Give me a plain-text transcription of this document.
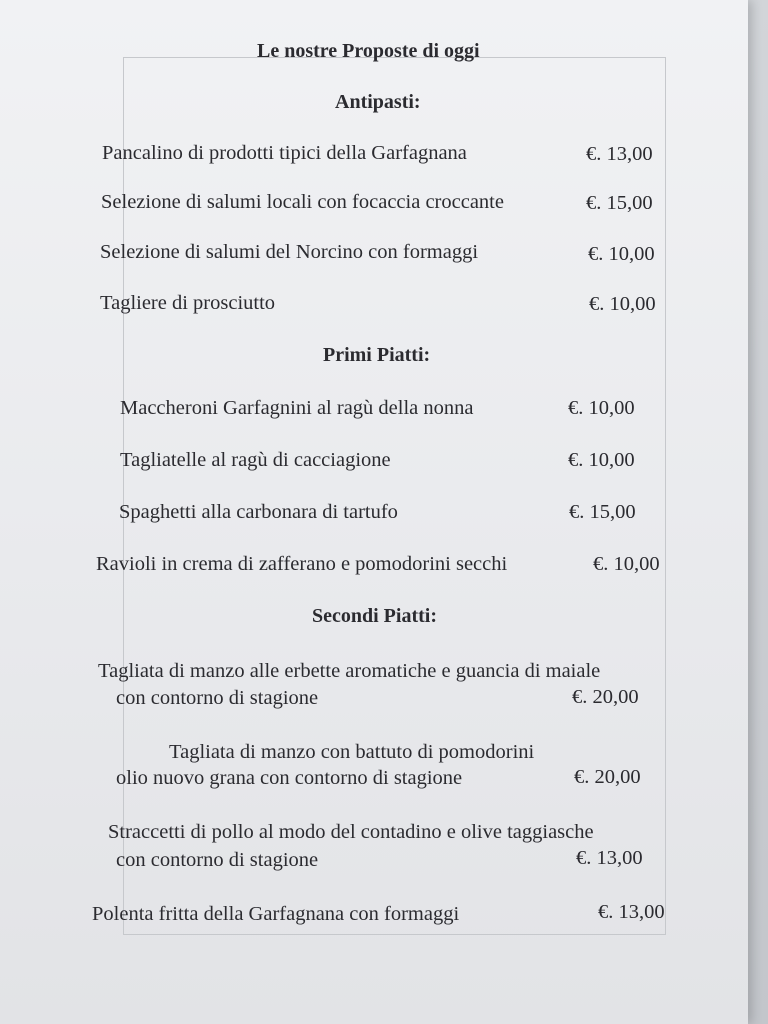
Le nostre Proposte di oggi
Antipasti:
Pancalino di prodotti tipici della Garfagnana	€. 13,00
Selezione di salumi locali con focaccia croccante	€. 15,00
Selezione di salumi del Norcino con formaggi	€. 10,00
Tagliere di prosciutto	€. 10,00
Primi Piatti:
Maccheroni Garfagnini al ragù della nonna	€. 10,00
Tagliatelle al ragù di cacciagione	€. 10,00
Spaghetti alla carbonara di tartufo	€. 15,00
Ravioli in crema di zafferano e pomodorini secchi	€. 10,00
Secondi Piatti:
Tagliata di manzo alle erbette aromatiche e guancia di maiale
con contorno di stagione	€. 20,00
Tagliata di manzo con battuto di pomodorini
olio nuovo grana con contorno di stagione	€. 20,00
Straccetti di pollo al modo del contadino e olive taggiasche
con contorno di stagione	€. 13,00
Polenta fritta della Garfagnana con formaggi	€. 13,00
